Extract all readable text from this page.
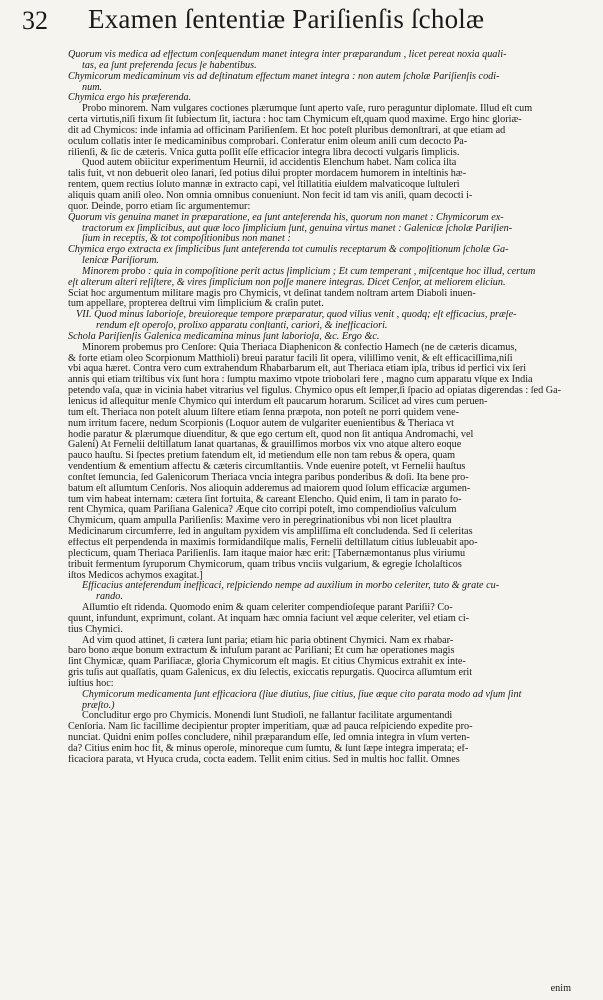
32 Examen ſententiæ Pariſienſis ſcholæ
Quorum vis medica ad effectum conſequendum manet integra inter præparandum , licet pereat noxia quali-
tas, ea ſunt preferenda ſecus ſe habentibus.
Chymicorum medicaminum vis ad deſtinatum effectum manet integra : non autem ſcholæ Pariſienſis codi-
num.
Chymica ergo his præferenda.
Probo minorem. Nam vulgares coctiones plærumque ſunt aperto vaſe, ruro peraguntur diplomate. Illud eſt cum
certa virtutis,niſi fixum ſit ſubiectum ſit, iactura : hoc tam Chymicum eſt,quam quod maxime. Ergo hinc gloriæ-
dit ad Chymicos: inde infamia ad officinam Pariſienſem. Et hoc poteſt pluribus demonſtrari, at que etiam ad
oculum collatis inter ſe medicaminibus comprobari. Conferatur enim oleum aniſi cum decocto Pa-
riſienſi, & ſic de cæteris. Vnica gutta poſſit eſſe efficacior integra libra decocti vulgaris ſimplicis.
Quod autem obiicitur experimentum Heurnii, id accidentis Elenchum habet. Nam colica iſta
talis fuit, vt non debuerit oleo ſanari, ſed potius dilui propter mordacem humorem in inteſtinis hæ-
rentem, quem rectius ſoluto mannæ in extracto capi, vel ſtillatitia eiuſdem malvaticoque ſuſtuleri
aliquis quam aniſi oleo. Non omnia omnibus conueniunt. Non fecit id tam vis aniſi, quam decocti i-
quor. Deinde, porro etiam ſic argumentemur:
Quorum vis genuina manet in præparatione, ea ſunt anteferenda his, quorum non manet : Chymicorum ex-
tractorum ex ſimplicibus, aut quæ loco ſimplicium ſunt, genuina virtus manet : Galenicæ ſcholæ Pariſien-
ſium in receptis, & tot compoſitionibus non manet :
Chymica ergo extracta ex ſimplicibus ſunt anteferenda tot cumulis receptarum & compoſitionum ſcholæ Ga-
lenicæ Pariſiorum.
Minorem probo : quia in compoſitione perit actus ſimplicium ; Et cum temperant , miſcentque hoc illud, certum
eſt alterum alteri reſiſtere, & vires ſimplicium non poſſe manere integras. Dicet Cenſor, at meliorem eliciun.
Sciat hoc argumentum militare magis pro Chymicis, vt deſinat tandem noſtram artem Diaboli inuen-
tum appellare, propterea deſtrui vim ſimplicium & craſin putet.
VII. Quod minus laborioſe, breuioreque tempore præparatur, quod vilius venit , quodq; eſt efficacius, præſe-
rendum eſt operoſo, prolixo apparatu conſtanti, cariori, & inefficaciori.
Schola Pariſienſis Galenica medicamina minus ſunt laborioſa, &c. Ergo &c.
Minorem probemus pro Cenſore: Quia Theriaca Diaphenicon & confectio Hamech (ne de cæteris dicamus,
& forte etiam oleo Scorpionum Matthioli) breui paratur facili ſit opera, viliſſimo venit, & eſt efficaciſſima,niſi
vbi aqua hæret. Contra vero cum extrahendum Rhabarbarum eſt, aut Theriaca etiam ipſa, tribus id perfici vix ſeri
annis qui etiam triſtibus vix ſunt hora : ſumptu maximo vtpote triobolari fere , magno cum apparatu vſque ex India
petendo vaſa, quæ in vicinia habet vitrarius vel figulus. Chymico opus eſt ſemper,ſi ſpacio ad opiatas digerendas : ſed Ga-
lenicus id aſſequitur menſe Chymico qui interdum eſt paucarum horarum. Scilicet ad vires cum peruen-
tum eſt. Theriaca non poteſt aluum ſiſtere etiam ſenna præpota, non poteſt ne porri quidem vene-
num irritum facere, nedum Scorpionis (Loquor autem de vulgariter euenientibus & Theriaca vt
hodie paratur & plærumque diuenditur, & que ego certum eſt, quod non ſit antiqua Andromachi, vel
Galeni) At Fernelii deſtillatum ſanat quartanas, & grauiſſimos morbos vix vno atque altero eoque
pauco hauſtu. Si ſpectes pretium fatendum eſt, id metiendum eſſe non tam rebus & opera, quam
vendentium & ementium affectu & cæteris circumſtantiis. Vnde euenire poteſt, vt Fernelii hauſtus
conſtet ſemuncia, ſed Galenicorum Theriaca vncia integra paribus ponderibus & doſi. Ita bene pro-
batum eſt aſſumtum Cenſoris. Nos alioquin adderemus ad maiorem quod ſolum efficaciæ argumen-
tum vim habeat internam: cætera ſint fortuita, & careant Elencho. Quid enim, ſi tam in parato fo-
rent Chymica, quam Pariſiana Galenica? Æque cito corripi poteſt, imo compendioſius vaſculum
Chymicum, quam ampulla Pariſienſis: Maxime vero in peregrinationibus vbi non licet plauſtra
Medicinarum circumferre, ſed in anguſtam pyxidem vis ampliſſima eſt concludenda. Sed ſi celeritas
effectus eſt perpendenda in maximis formidandiſque malis, Fernelii deſtillatum citius ſubleuabit apo-
plecticum, quam Theriaca Pariſienſis. Iam itaque maior hæc erit: [Tabernæmontanus plus viriumu
tribuit fermentum ſyruporum Chymicorum, quam tribus vnciis vulgarium, & egregie ſcholaſticos
iſtos Medicos achymos exagitat.]
Efficacius anteferendum inefficaci, reſpiciendo nempe ad auxilium in morbo celeriter, tuto & grate cu-
rando.
Aſſumtio eſt ridenda. Quomodo enim & quam celeriter compendioſeque parant Pariſii? Co-
quunt, infundunt, exprimunt, colant. At inquam hæc omnia faciunt vel æque celeriter, vel etiam ci-
tius Chymici.
Ad vim quod attinet, ſi cætera ſunt paria; etiam hic paria obtinent Chymici. Nam ex rhabar-
baro bono æque bonum extractum & infuſum parant ac Pariſiani; Et cum hæ operationes magis
ſint Chymicæ, quam Pariſiacæ, gloria Chymicorum eſt magis. Et citius Chymicus extrahit ex inte-
gris tuſis aut quaſſatis, quam Galenicus, ex diu ſelectis, exiccatis repurgatis. Quocirca aſſumtum erit
iuſtius hoc:
Chymicorum medicamenta ſunt efficaciora (ſiue diutius, ſiue citius, ſiue æque cito parata modo ad vſum ſint
præſto.)
Concluditur ergo pro Chymicis. Monendi ſunt Studioſi, ne fallantur facilitate argumentandi
Cenſoria. Nam ſic facillime decipientur propter imperitiam, quæ ad pauca reſpiciendo expedite pro-
nunciat. Quidni enim poſſes concludere, nihil præparandum eſſe, ſed omnia integra in vſum verten-
da? Citius enim hoc fit, & minus operoſe, minoreque cum ſumtu, & ſunt ſæpe integra imperata; ef-
ficaciora parata, vt Hyuca cruda, cocta eadem. Tellit enim citius. Sed in multis hoc fallit. Omnes
enim
